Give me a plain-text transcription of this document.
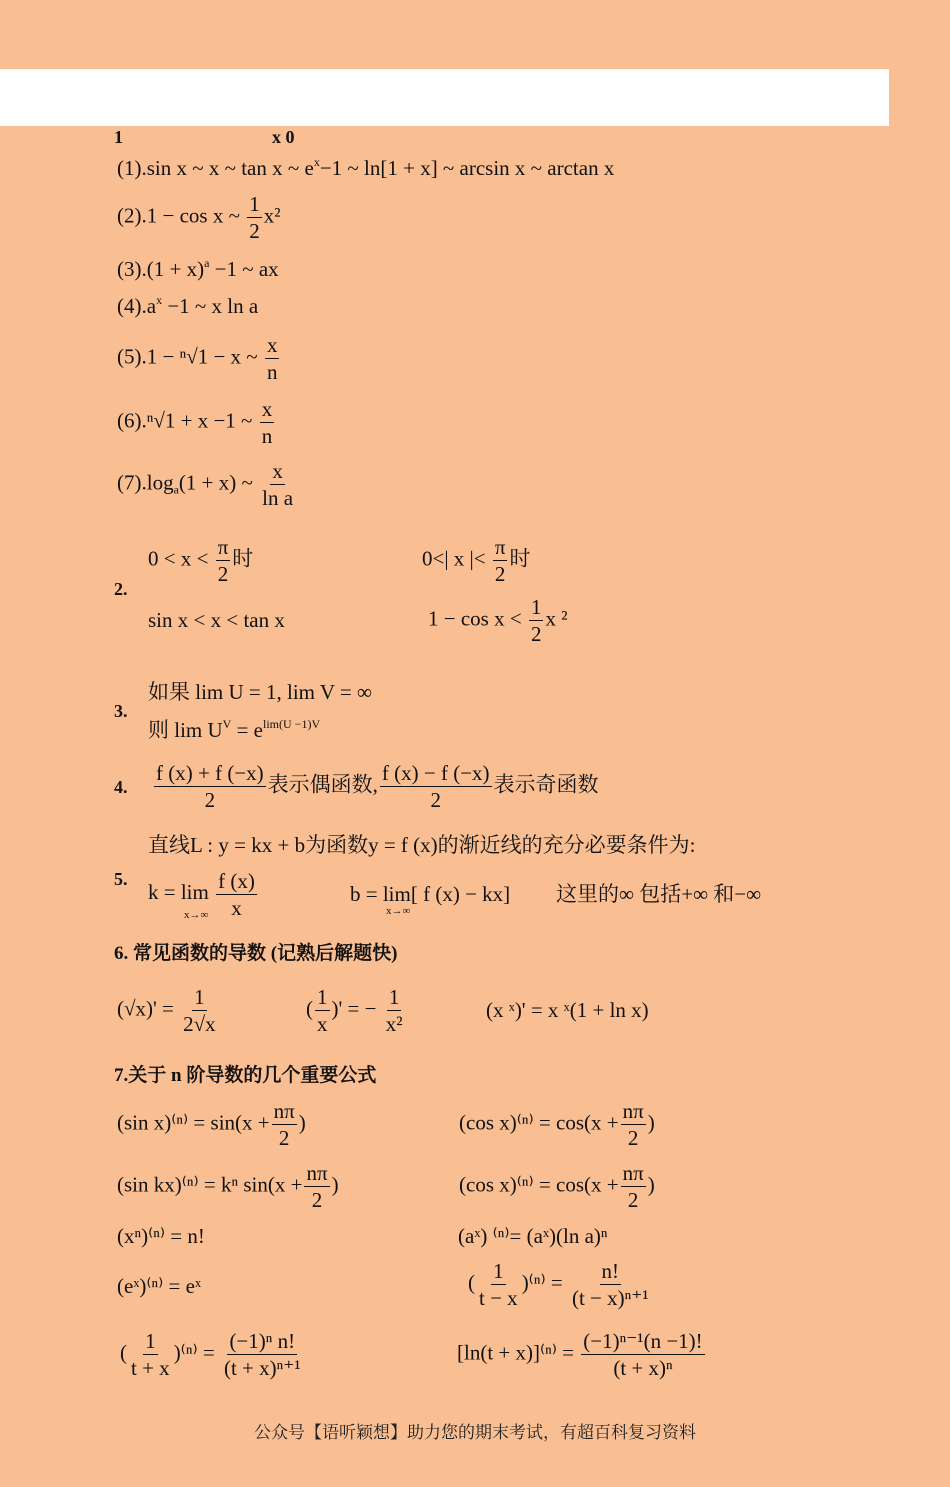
1	x 0
(1).sin x ~ x ~ tan x ~ $e^x-1$ ~ ln[1 + x] ~ arcsin x ~ arctan x
(2).1 − cos x ~ $\frac{1}{2} x^2$
$(3).(1 + x)^a -1$ ~ ax
$(4).a^x -1$ ~ x ln a
(5).1 − ⁿ√1 − x ~ $\frac{x}{n}$
(6).ⁿ√1 + x −1 ~ $\frac{x}{n}$
$(7).\log_a(1 + x)$ ~ $\frac{x}{\text{ln a}}$
2.
$0 < x < \frac{\pi}{2}$ 时	0<| x |< $\frac{\pi}{2}$ 时
sin x < x < tan x	$1 - \cos x < \frac{1}{2}$ x ²
3.
如果 lim U = 1, lim V = ∞
则 $\lim U^V = e^{lim(U -1)V}$
4. $\frac{f (x) + f (-x)}{2}$ 表示偶函数, $\frac{f (x) - f (-x)}{2}$ 表示奇函数
5.
直线L : y = kx + b为函数y = f (x)的渐近线的充分必要条件为:
k = lim
x→∞
$\frac{f (x)}{x}$	b = lim[ f (x) − kx]
x→∞
这里的∞ 包括+∞ 和−∞
6. 常见函数的导数 (记熟后解题快)
$(√x)' = \frac{1}{2√x}$	( $\frac{1}{x}$ )' = − $\frac{1}{\text{x²}}$	(x ˣ)' = x ˣ(1 + ln x)
7.关于 n 阶导数的几个重要公式
(sin $x)^{(n)} = \sin(x + \frac{n\pi}{2}$ )	(cos $x)^{(n)} = \cos(x + \frac{n\pi}{2}$ )
(sin kx)⁽ⁿ⁾ = kⁿ $\sin(x + \frac{n\pi}{2}$ )	(cos $x)^{(n)} = \cos(x + \frac{n\pi}{2}$ )
(xⁿ)⁽ⁿ⁾ = n!	(aˣ) ⁽ⁿ⁾= (aˣ)(ln a)ⁿ
(eˣ)⁽ⁿ⁾ = eˣ	( $\frac{1}{t - x} )^{(n)} = \frac{n!}{\text{(t − x)ⁿ⁺¹}}$
( $\frac{1}{t + x} )^{(n)} = \frac{\text{(−1)ⁿ n!}}{\text{(t + x)ⁿ⁺¹}}$	$[\ln(t + x)]^{(n)} = \frac{\text{(−1)ⁿ⁻¹(n −1)!}}{\text{(t + x)ⁿ}}$
公众号【语听颖想】助力您的期末考试，有超百科复习资料
